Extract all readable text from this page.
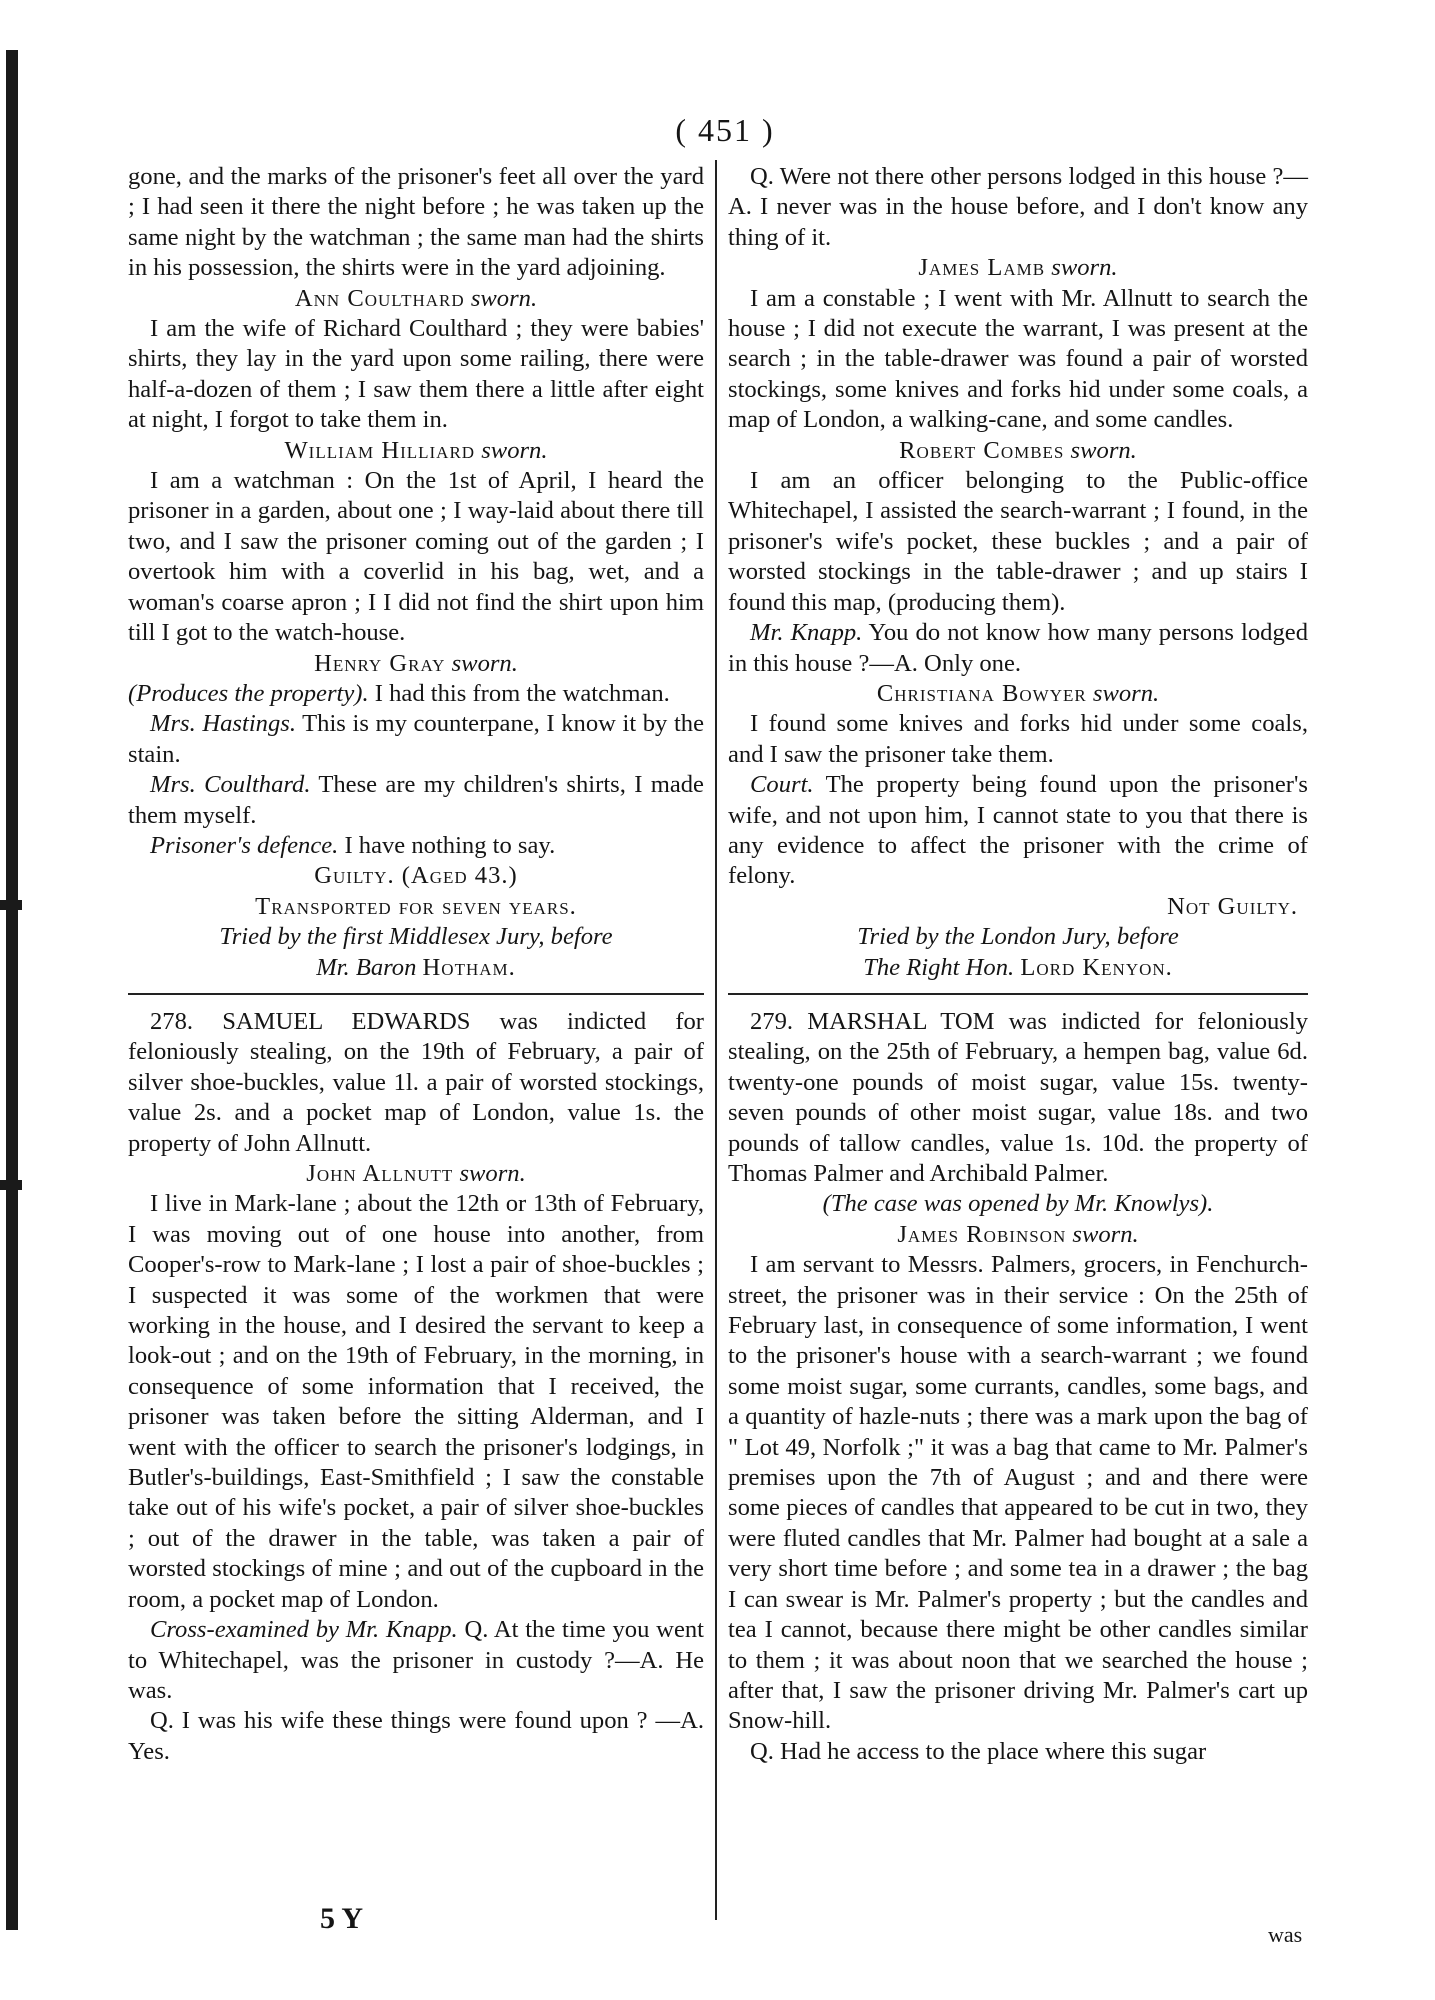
( 451 )

gone, and the marks of the prisoner's feet all over the yard ; I had seen it there the night before ; he was taken up the same night by the watchman ; the same man had the shirts in his possession, the shirts were in the yard adjoining.

Ann Coulthard sworn.

I am the wife of Richard Coulthard ; they were babies' shirts, they lay in the yard upon some railing, there were half-a-dozen of them ; I saw them there a little after eight at night, I forgot to take them in.

William Hilliard sworn.

I am a watchman : On the 1st of April, I heard the prisoner in a garden, about one ; I way-laid about there till two, and I saw the prisoner coming out of the garden ; I overtook him with a coverlid in his bag, wet, and a woman's coarse apron ; I I did not find the shirt upon him till I got to the watch-house.

Henry Gray sworn.

(Produces the property). I had this from the watchman.

Mrs. Hastings. This is my counterpane, I know it by the stain.

Mrs. Coulthard. These are my children's shirts, I made them myself.

Prisoner's defence. I have nothing to say.

Guilty. (Aged 43.)

Transported for seven years.

Tried by the first Middlesex Jury, before

Mr. Baron Hotham.

278. SAMUEL EDWARDS was indicted for feloniously stealing, on the 19th of February, a pair of silver shoe-buckles, value 1l. a pair of worsted stockings, value 2s. and a pocket map of London, value 1s. the property of John Allnutt.

John Allnutt sworn.

I live in Mark-lane ; about the 12th or 13th of February, I was moving out of one house into another, from Cooper's-row to Mark-lane ; I lost a pair of shoe-buckles ; I suspected it was some of the workmen that were working in the house, and I desired the servant to keep a look-out ; and on the 19th of February, in the morning, in consequence of some information that I received, the prisoner was taken before the sitting Alderman, and I went with the officer to search the prisoner's lodgings, in Butler's-buildings, East-Smithfield ; I saw the constable take out of his wife's pocket, a pair of silver shoe-buckles ; out of the drawer in the table, was taken a pair of worsted stockings of mine ; and out of the cupboard in the room, a pocket map of London.

Cross-examined by Mr. Knapp. Q. At the time you went to Whitechapel, was the prisoner in custody ?—A. He was.

Q. I was his wife these things were found upon ? —A. Yes.

Q. Were not there other persons lodged in this house ?—A. I never was in the house before, and I don't know any thing of it.

James Lamb sworn.

I am a constable ; I went with Mr. Allnutt to search the house ; I did not execute the warrant, I was present at the search ; in the table-drawer was found a pair of worsted stockings, some knives and forks hid under some coals, a map of London, a walking-cane, and some candles.

Robert Combes sworn.

I am an officer belonging to the Public-office Whitechapel, I assisted the search-warrant ; I found, in the prisoner's wife's pocket, these buckles ; and a pair of worsted stockings in the table-drawer ; and up stairs I found this map, (producing them).

Mr. Knapp. You do not know how many persons lodged in this house ?—A. Only one.

Christiana Bowyer sworn.

I found some knives and forks hid under some coals, and I saw the prisoner take them.

Court. The property being found upon the prisoner's wife, and not upon him, I cannot state to you that there is any evidence to affect the prisoner with the crime of felony.

Not Guilty.

Tried by the London Jury, before

The Right Hon. Lord Kenyon.

279. MARSHAL TOM was indicted for feloniously stealing, on the 25th of February, a hempen bag, value 6d. twenty-one pounds of moist sugar, value 15s. twenty-seven pounds of other moist sugar, value 18s. and two pounds of tallow candles, value 1s. 10d. the property of Thomas Palmer and Archibald Palmer.

(The case was opened by Mr. Knowlys).

James Robinson sworn.

I am servant to Messrs. Palmers, grocers, in Fenchurch-street, the prisoner was in their service : On the 25th of February last, in consequence of some information, I went to the prisoner's house with a search-warrant ; we found some moist sugar, some currants, candles, some bags, and a quantity of hazle-nuts ; there was a mark upon the bag of " Lot 49, Norfolk ;" it was a bag that came to Mr. Palmer's premises upon the 7th of August ; and and there were some pieces of candles that appeared to be cut in two, they were fluted candles that Mr. Palmer had bought at a sale a very short time before ; and some tea in a drawer ; the bag I can swear is Mr. Palmer's property ; but the candles and tea I cannot, because there might be other candles similar to them ; it was about noon that we searched the house ; after that, I saw the prisoner driving Mr. Palmer's cart up Snow-hill.

Q. Had he access to the place where this sugar

5 Y	was
